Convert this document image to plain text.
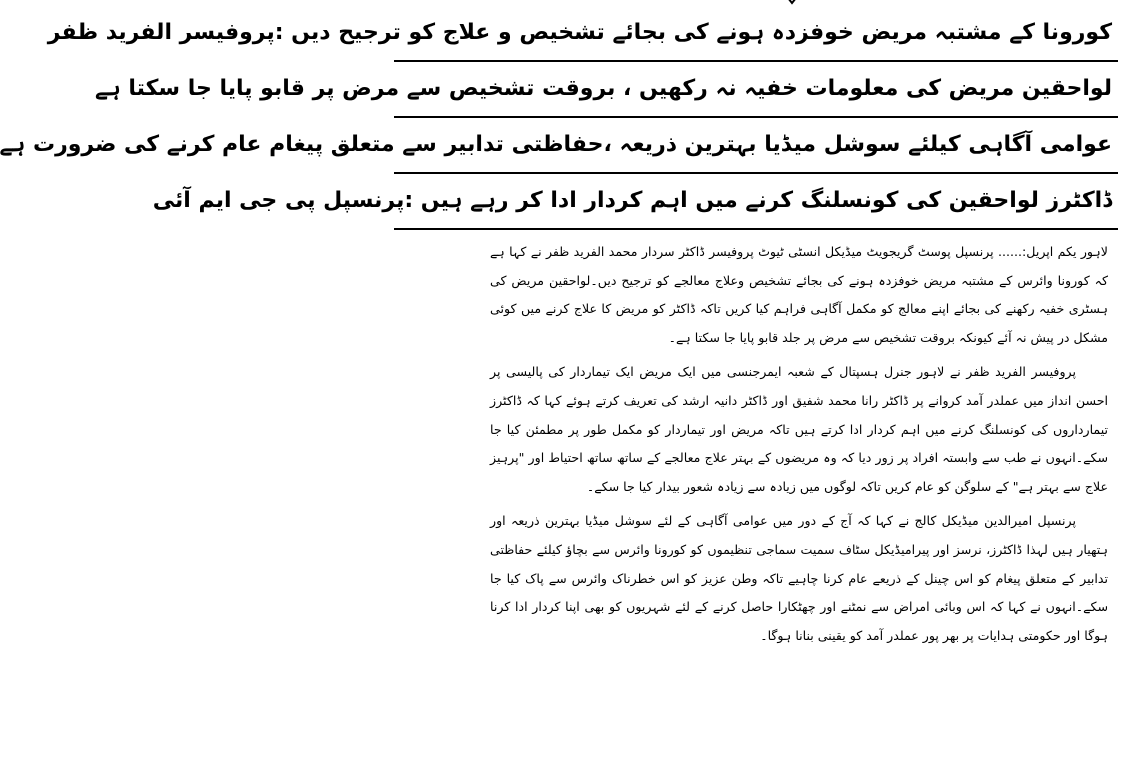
کورونا کے مشتبہ مریض خوفزدہ ہونے کی بجائے تشخیص و علاج کو ترجیح دیں :پروفیسر الفرید ظفر
لواحقین مریض کی معلومات خفیہ نہ رکھیں ، بروقت تشخیص سے مرض پر قابو پایا جا سکتا ہے
عوامی آگاہی کیلئے سوشل میڈیا بہترین ذریعہ ،حفاظتی تدابیر سے متعلق پیغام عام کرنے کی ضرورت ہے
ڈاکٹرز لواحقین کی کونسلنگ کرنے میں اہم کردار ادا کر رہے ہیں :پرنسپل پی جی ایم آئی

لاہور یکم اپریل:...... پرنسپل پوسٹ گریجویٹ میڈیکل انسٹی ٹیوٹ پروفیسر ڈاکٹر سردار محمد الفرید ظفر نے کہا ہے کہ کورونا وائرس کے مشتبہ مریض خوفزدہ ہونے کی بجائے تشخیص وعلاج معالجے کو ترجیح دیں۔لواحقین مریض کی ہسٹری خفیہ رکھنے کی بجائے اپنے معالج کو مکمل آگاہی فراہم کیا کریں تاکہ ڈاکٹر کو مریض کا علاج کرنے میں کوئی مشکل در پیش نہ آئے کیونکہ بروقت تشخیص سے مرض پر جلد قابو پایا جا سکتا ہے۔

پروفیسر الفرید ظفر نے لاہور جنرل ہسپتال کے شعبہ ایمرجنسی میں ایک مریض ایک تیماردار کی پالیسی پر احسن انداز میں عملدر آمد کروانے پر ڈاکٹر رانا محمد شفیق اور ڈاکٹر دانیہ ارشد کی تعریف کرتے ہوئے کہا کہ ڈاکٹرز تیمارداروں کی کونسلنگ کرنے میں اہم کردار ادا کرتے ہیں تاکہ مریض اور تیماردار کو مکمل طور پر مطمئن کیا جا سکے۔انہوں نے طب سے وابستہ افراد پر زور دیا کہ وہ مریضوں کے بہتر علاج معالجے کے ساتھ ساتھ احتیاط اور "پرہیز علاج سے بہتر ہے" کے سلوگن کو عام کریں تاکہ لوگوں میں زیادہ سے زیادہ شعور بیدار کیا جا سکے۔

پرنسپل امیرالدین میڈیکل کالج نے کہا کہ آج کے دور میں عوامی آگاہی کے لئے سوشل میڈیا بہترین ذریعہ اور ہتھیار ہیں لہذا ڈاکٹرز، نرسز اور پیرامیڈیکل سٹاف سمیت سماجی تنظیموں کو کورونا وائرس سے بچاؤ کیلئے حفاظتی تدابیر کے متعلق پیغام کو اس چینل کے ذریعے عام کرنا چاہیے تاکہ وطن عزیز کو اس خطرناک وائرس سے پاک کیا جا سکے۔انہوں نے کہا کہ اس وبائی امراض سے نمٹنے اور چھٹکارا حاصل کرنے کے لئے شہریوں کو بھی اپنا کردار ادا کرنا ہوگا اور حکومتی ہدایات پر بھر پور عملدر آمد کو یقینی بنانا ہوگا۔
